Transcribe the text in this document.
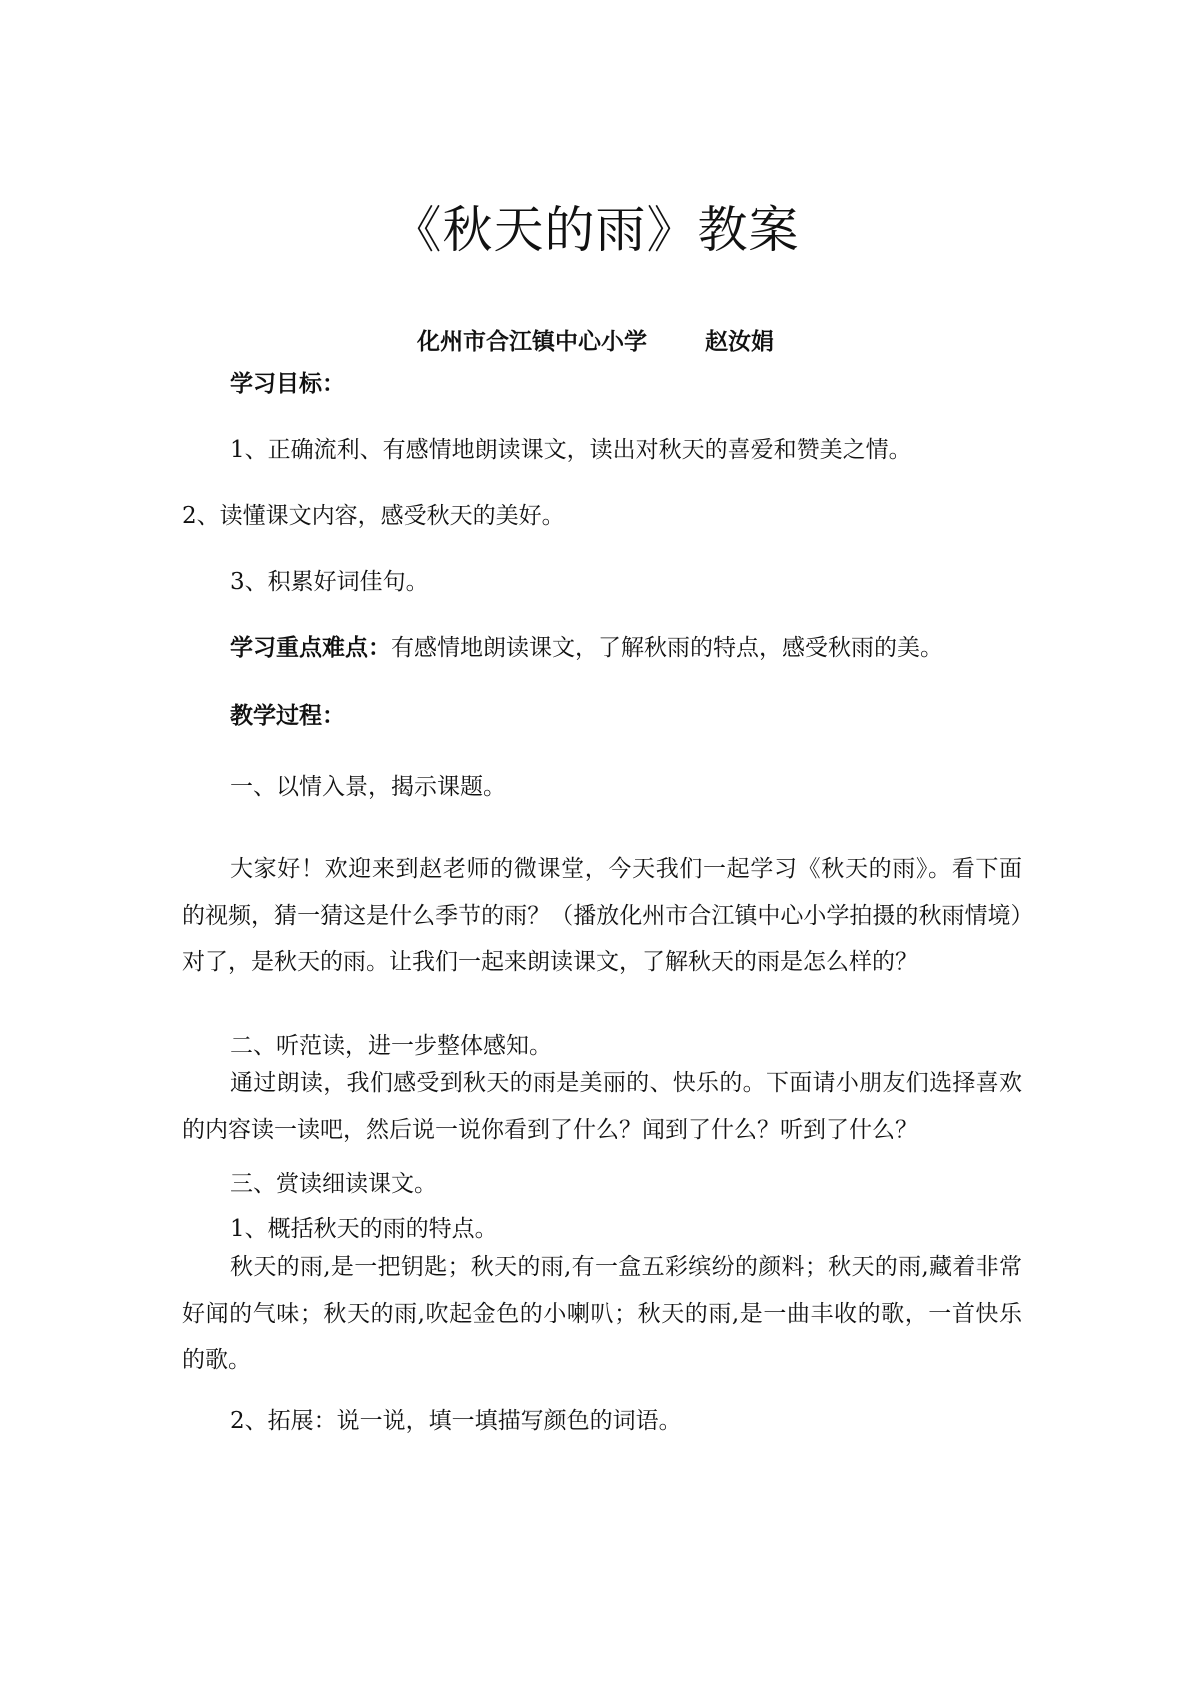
《秋天的雨》教案
化州市合江镇中心小学	赵汝娟
学习目标：
1、正确流利、有感情地朗读课文，读出对秋天的喜爱和赞美之情。
2、读懂课文内容，感受秋天的美好。
3、积累好词佳句。
学习重点难点：有感情地朗读课文，了解秋雨的特点，感受秋雨的美。
教学过程：
一、以情入景，揭示课题。
大家好！欢迎来到赵老师的微课堂，今天我们一起学习《秋天的雨》。看下面的视频，猜一猜这是什么季节的雨？（播放化州市合江镇中心小学拍摄的秋雨情境）对了，是秋天的雨。让我们一起来朗读课文，了解秋天的雨是怎么样的？
二、听范读，进一步整体感知。
通过朗读，我们感受到秋天的雨是美丽的、快乐的。下面请小朋友们选择喜欢的内容读一读吧，然后说一说你看到了什么？闻到了什么？听到了什么？
三、赏读细读课文。
1、概括秋天的雨的特点。
秋天的雨,是一把钥匙；秋天的雨,有一盒五彩缤纷的颜料；秋天的雨,藏着非常好闻的气味；秋天的雨,吹起金色的小喇叭；秋天的雨,是一曲丰收的歌，一首快乐的歌。
2、拓展：说一说，填一填描写颜色的词语。
